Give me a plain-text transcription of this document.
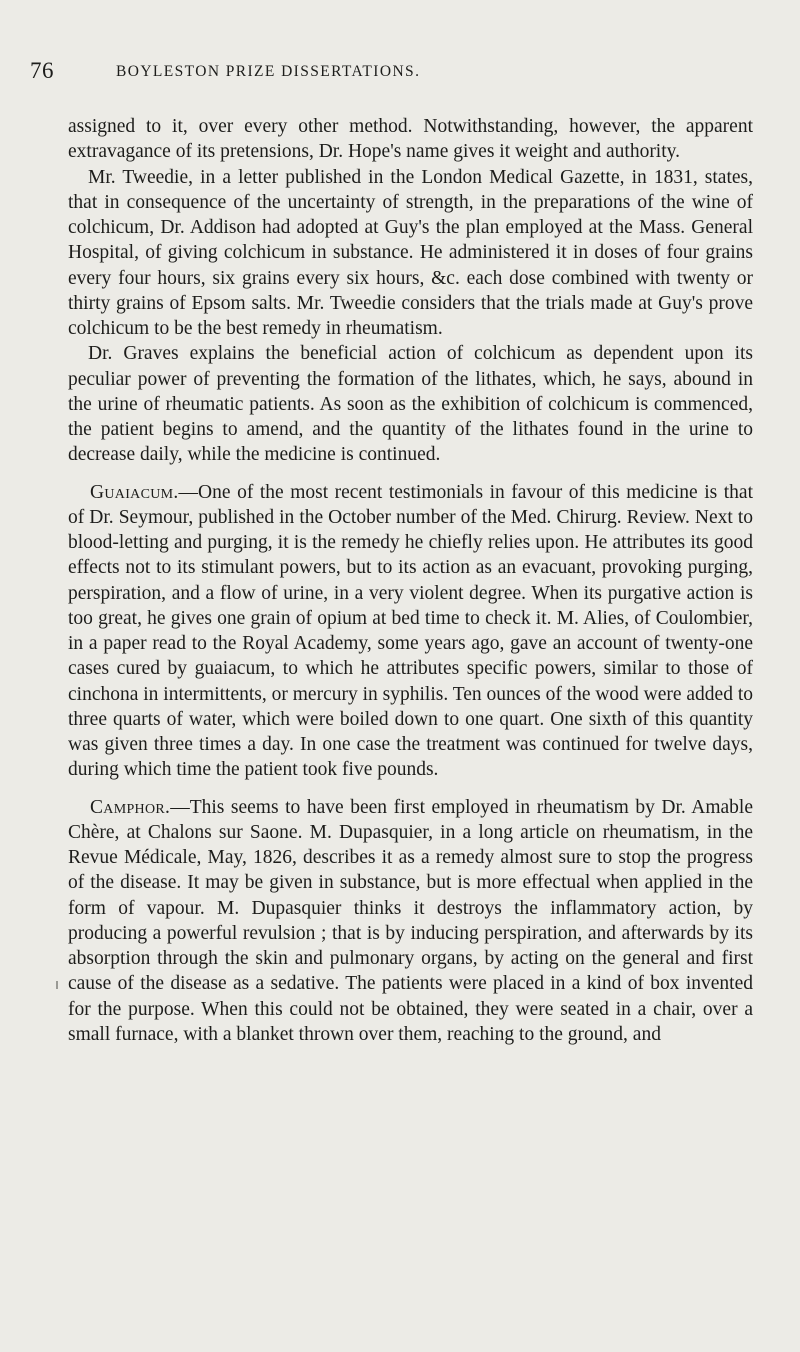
76	BOYLESTON PRIZE DISSERTATIONS.

assigned to it, over every other method. Notwithstanding, however, the apparent extravagance of its pretensions, Dr. Hope's name gives it weight and authority.

Mr. Tweedie, in a letter published in the London Medical Gazette, in 1831, states, that in consequence of the uncertainty of strength, in the preparations of the wine of colchicum, Dr. Addison had adopted at Guy's the plan employed at the Mass. General Hospital, of giving colchicum in substance. He administered it in doses of four grains every four hours, six grains every six hours, &c. each dose combined with twenty or thirty grains of Epsom salts. Mr. Tweedie considers that the trials made at Guy's prove colchicum to be the best remedy in rheumatism.

Dr. Graves explains the beneficial action of colchicum as dependent upon its peculiar power of preventing the formation of the lithates, which, he says, abound in the urine of rheumatic patients. As soon as the exhibition of colchicum is commenced, the patient begins to amend, and the quantity of the lithates found in the urine to decrease daily, while the medicine is continued.

Guaiacum.—One of the most recent testimonials in favour of this medicine is that of Dr. Seymour, published in the October number of the Med. Chirurg. Review. Next to blood-letting and purging, it is the remedy he chiefly relies upon. He attributes its good effects not to its stimulant powers, but to its action as an evacuant, provoking purging, perspiration, and a flow of urine, in a very violent degree. When its purgative action is too great, he gives one grain of opium at bed time to check it. M. Alies, of Coulombier, in a paper read to the Royal Academy, some years ago, gave an account of twenty-one cases cured by guaiacum, to which he attributes specific powers, similar to those of cinchona in intermittents, or mercury in syphilis. Ten ounces of the wood were added to three quarts of water, which were boiled down to one quart. One sixth of this quantity was given three times a day. In one case the treatment was continued for twelve days, during which time the patient took five pounds.

Camphor.—This seems to have been first employed in rheumatism by Dr. Amable Chère, at Chalons sur Saone. M. Dupasquier, in a long article on rheumatism, in the Revue Médicale, May, 1826, describes it as a remedy almost sure to stop the progress of the disease. It may be given in substance, but is more effectual when applied in the form of vapour. M. Dupasquier thinks it destroys the inflammatory action, by producing a powerful revulsion ; that is by inducing perspiration, and afterwards by its absorption through the skin and pulmonary organs, by acting on the general and first cause of the disease as a sedative. The patients were placed in a kind of box invented for the purpose. When this could not be obtained, they were seated in a chair, over a small furnace, with a blanket thrown over them, reaching to the ground, and
